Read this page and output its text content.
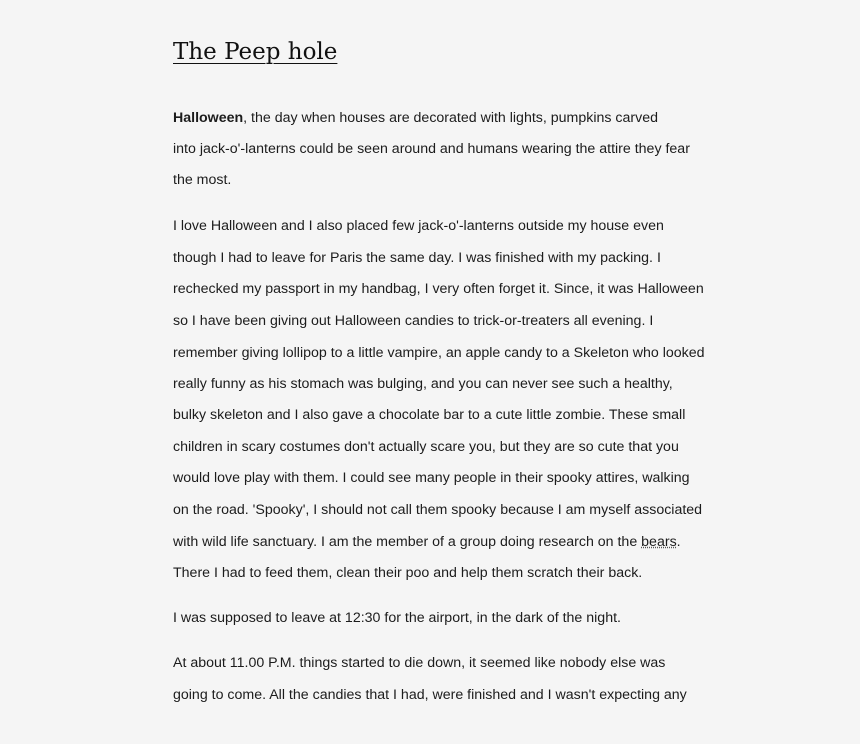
The Peep hole

Halloween, the day when houses are decorated with lights, pumpkins carved

into jack-o'-lanterns could be seen around and humans wearing the attire they fear

the most.

I love Halloween and I also placed few jack-o'-lanterns outside my house even

though I had to leave for Paris the same day. I was finished with my packing. I

rechecked my passport in my handbag, I very often forget it. Since, it was Halloween

so I have been giving out Halloween candies to trick-or-treaters all evening. I

remember giving lollipop to a little vampire, an apple candy to a Skeleton who looked

really funny as his stomach was bulging, and you can never see such a healthy,

bulky skeleton and I also gave a chocolate bar to a cute little zombie. These small

children in scary costumes don't actually scare you, but they are so cute that you

would love play with them. I could see many people in their spooky attires, walking

on the road. 'Spooky', I should not call them spooky because I am myself associated

with wild life sanctuary. I am the member of a group doing research on the bears.

There I had to feed them, clean their poo and help them scratch their back.

I was supposed to leave at 12:30 for the airport, in the dark of the night.

At about 11.00 P.M. things started to die down, it seemed like nobody else was

going to come. All the candies that I had, were finished and I wasn't expecting any
